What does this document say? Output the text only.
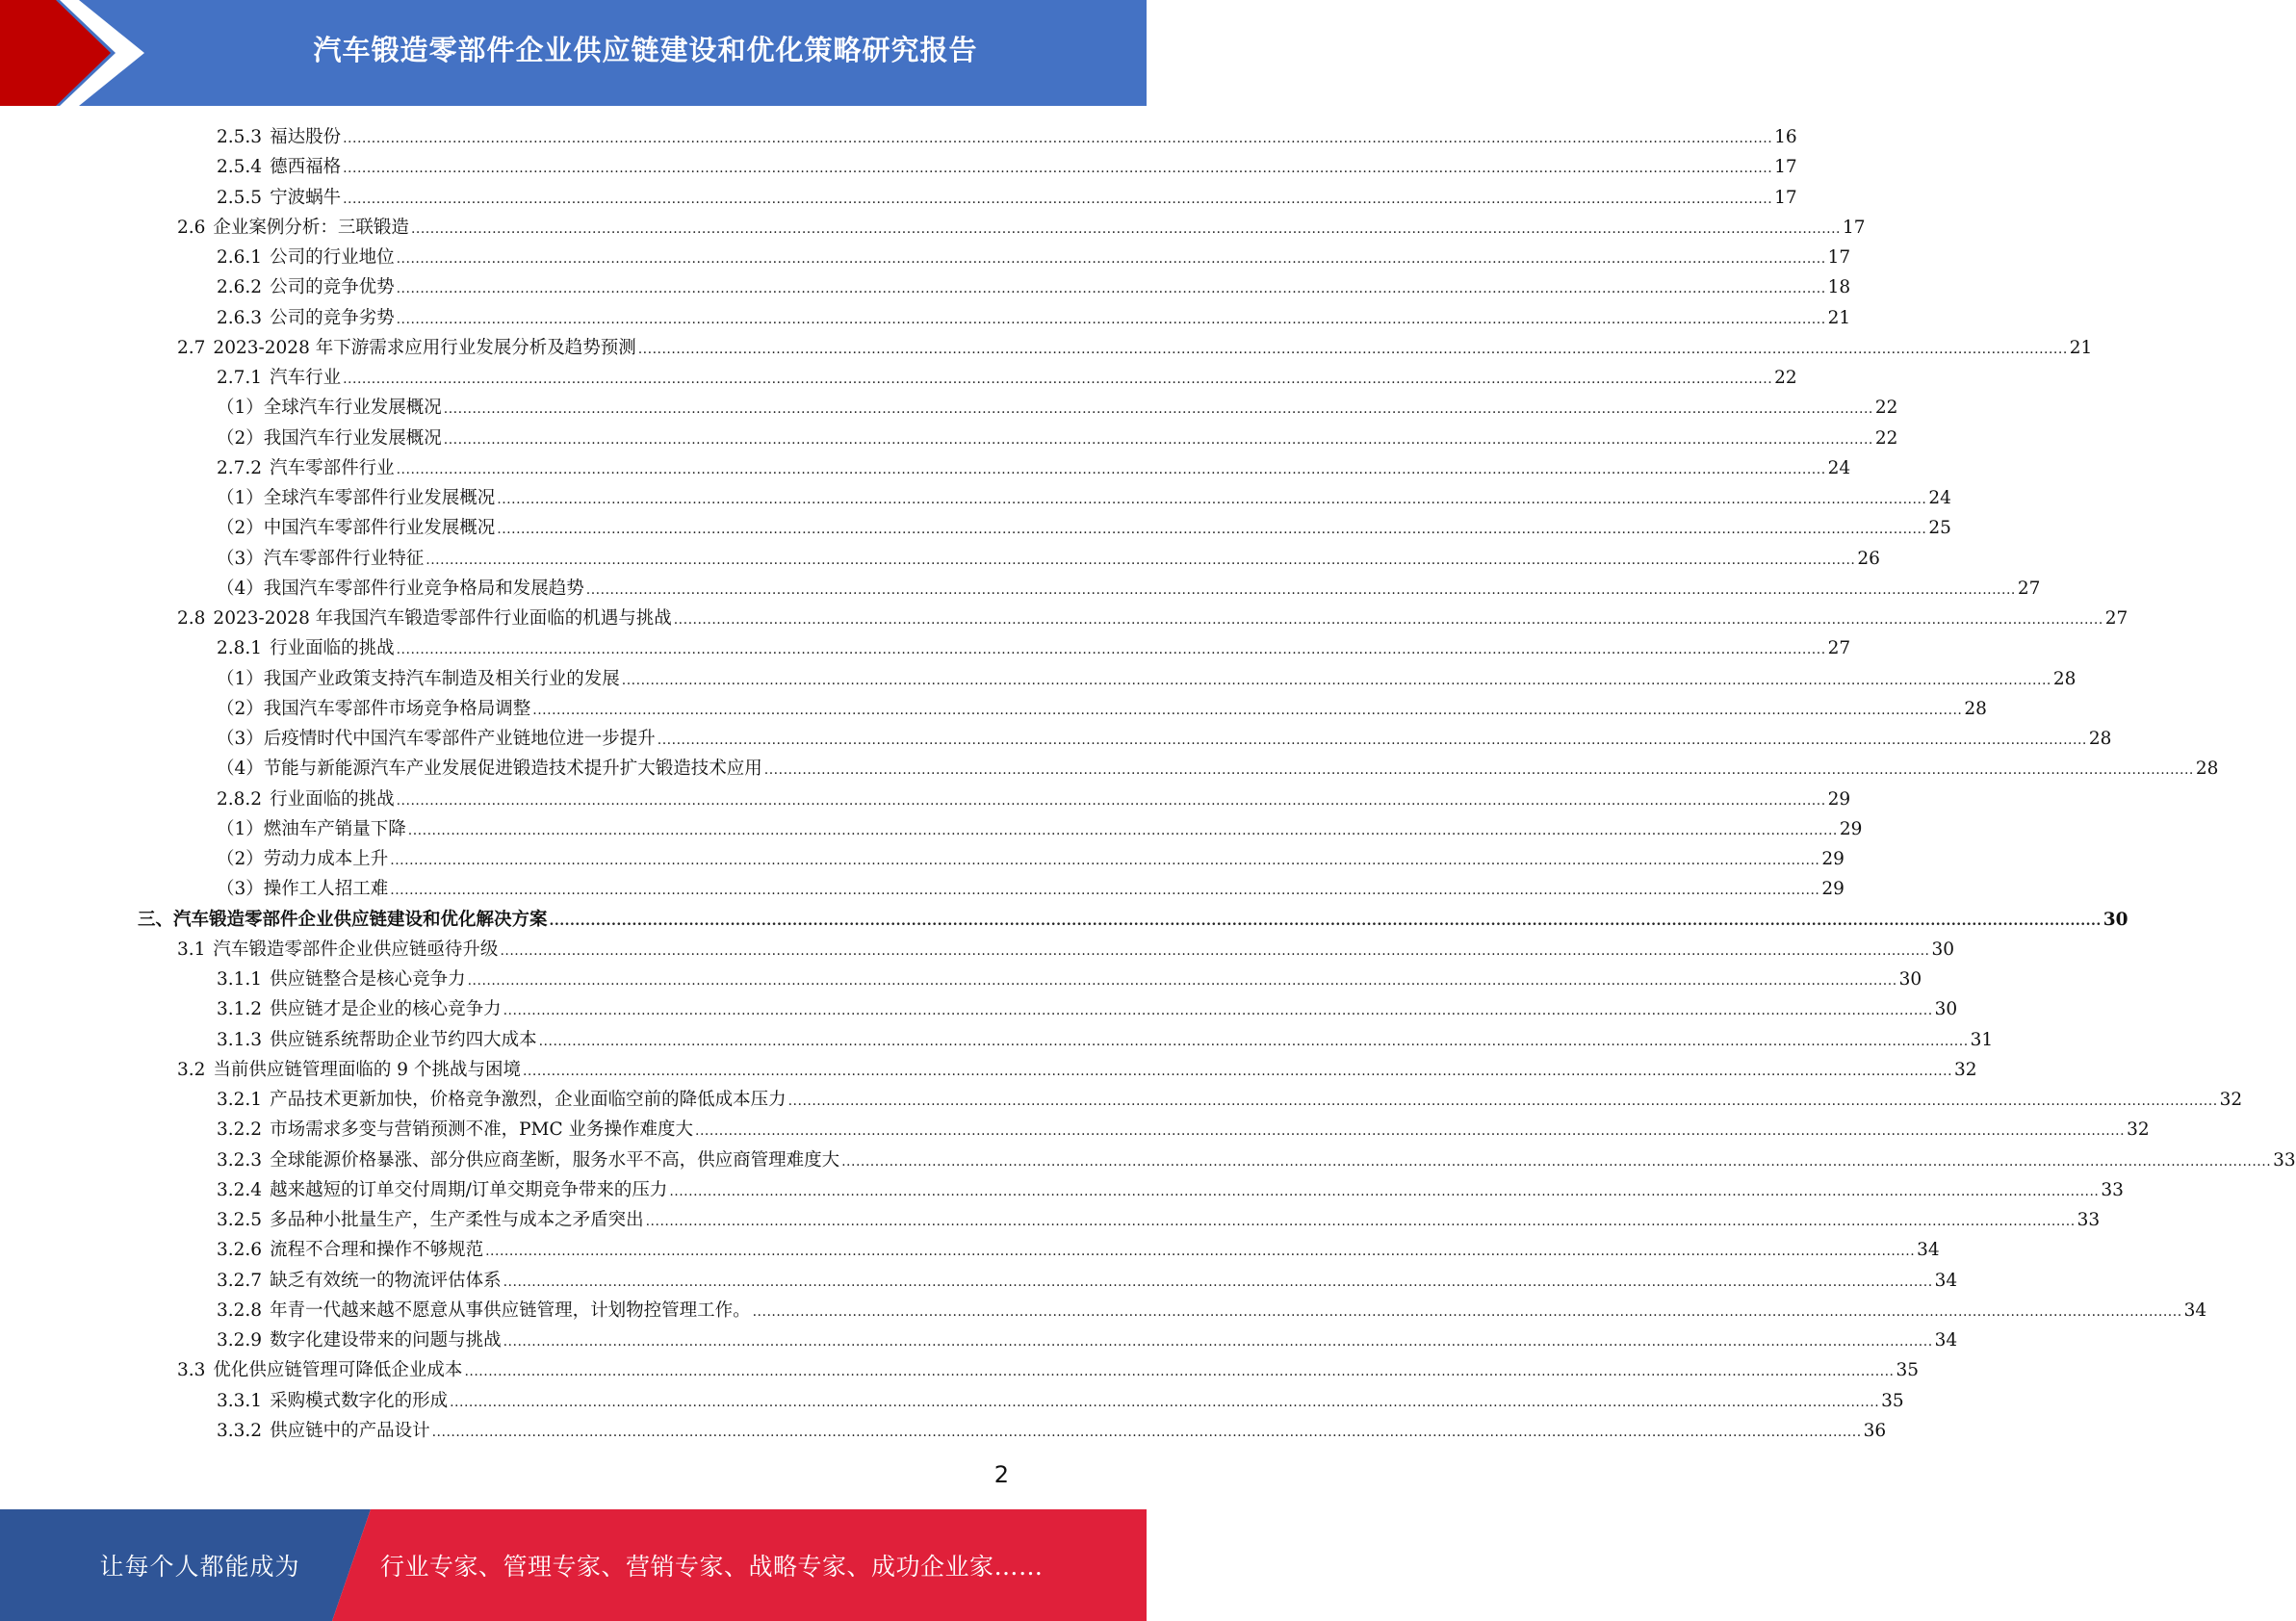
汽车锻造零部件企业供应链建设和优化策略研究报告
2.5.3 福达股份 ............................................................................................................................................................................................................................................................................................................ 16
2.5.4 德西福格 ............................................................................................................................................................................................................................................................................................................ 17
2.5.5 宁波蜗牛 ............................................................................................................................................................................................................................................................................................................ 17
2.6 企业案例分析：三联锻造 ............................................................................................................................................................................................................................................................................................................ 17
2.6.1 公司的行业地位 ............................................................................................................................................................................................................................................................................................................ 17
2.6.2 公司的竞争优势 ............................................................................................................................................................................................................................................................................................................ 18
2.6.3 公司的竞争劣势 ............................................................................................................................................................................................................................................................................................................ 21
2.7 2023-2028 年下游需求应用行业发展分析及趋势预测 ............................................................................................................................................................................................................................................................................................................ 21
2.7.1 汽车行业 ............................................................................................................................................................................................................................................................................................................ 22
（1）全球汽车行业发展概况 ............................................................................................................................................................................................................................................................................................................ 22
（2）我国汽车行业发展概况 ............................................................................................................................................................................................................................................................................................................ 22
2.7.2 汽车零部件行业 ............................................................................................................................................................................................................................................................................................................ 24
（1）全球汽车零部件行业发展概况 ............................................................................................................................................................................................................................................................................................................ 24
（2）中国汽车零部件行业发展概况 ............................................................................................................................................................................................................................................................................................................ 25
（3）汽车零部件行业特征 ............................................................................................................................................................................................................................................................................................................ 26
（4）我国汽车零部件行业竞争格局和发展趋势 ............................................................................................................................................................................................................................................................................................................ 27
2.8 2023-2028 年我国汽车锻造零部件行业面临的机遇与挑战 ............................................................................................................................................................................................................................................................................................................ 27
2.8.1 行业面临的挑战 ............................................................................................................................................................................................................................................................................................................ 27
（1）我国产业政策支持汽车制造及相关行业的发展 ............................................................................................................................................................................................................................................................................................................ 28
（2）我国汽车零部件市场竞争格局调整 ............................................................................................................................................................................................................................................................................................................ 28
（3）后疫情时代中国汽车零部件产业链地位进一步提升 ............................................................................................................................................................................................................................................................................................................ 28
（4）节能与新能源汽车产业发展促进锻造技术提升扩大锻造技术应用 ............................................................................................................................................................................................................................................................................................................ 28
2.8.2 行业面临的挑战 ............................................................................................................................................................................................................................................................................................................ 29
（1）燃油车产销量下降 ............................................................................................................................................................................................................................................................................................................ 29
（2）劳动力成本上升 ............................................................................................................................................................................................................................................................................................................ 29
（3）操作工人招工难 ............................................................................................................................................................................................................................................................................................................ 29
三、汽车锻造零部件企业供应链建设和优化解决方案 ............................................................................................................................................................................................................................................................................................................ 30
3.1 汽车锻造零部件企业供应链亟待升级 ............................................................................................................................................................................................................................................................................................................ 30
3.1.1 供应链整合是核心竞争力 ............................................................................................................................................................................................................................................................................................................ 30
3.1.2 供应链才是企业的核心竞争力 ............................................................................................................................................................................................................................................................................................................ 30
3.1.3 供应链系统帮助企业节约四大成本 ............................................................................................................................................................................................................................................................................................................ 31
3.2 当前供应链管理面临的 9 个挑战与困境 ............................................................................................................................................................................................................................................................................................................ 32
3.2.1 产品技术更新加快，价格竞争激烈，企业面临空前的降低成本压力 ............................................................................................................................................................................................................................................................................................................ 32
3.2.2 市场需求多变与营销预测不准，PMC 业务操作难度大 ............................................................................................................................................................................................................................................................................................................ 32
3.2.3 全球能源价格暴涨、部分供应商垄断，服务水平不高，供应商管理难度大 ............................................................................................................................................................................................................................................................................................................ 33
3.2.4 越来越短的订单交付周期/订单交期竞争带来的压力 ............................................................................................................................................................................................................................................................................................................ 33
3.2.5 多品种小批量生产，生产柔性与成本之矛盾突出 ............................................................................................................................................................................................................................................................................................................ 33
3.2.6 流程不合理和操作不够规范 ............................................................................................................................................................................................................................................................................................................ 34
3.2.7 缺乏有效统一的物流评估体系 ............................................................................................................................................................................................................................................................................................................ 34
3.2.8 年青一代越来越不愿意从事供应链管理，计划物控管理工作。 ............................................................................................................................................................................................................................................................................................................ 34
3.2.9 数字化建设带来的问题与挑战 ............................................................................................................................................................................................................................................................................................................ 34
3.3 优化供应链管理可降低企业成本 ............................................................................................................................................................................................................................................................................................................ 35
3.3.1 采购模式数字化的形成 ............................................................................................................................................................................................................................................................................................................ 35
3.3.2 供应链中的产品设计 ............................................................................................................................................................................................................................................................................................................ 36
2
让每个人都能成为	行业专家、管理专家、营销专家、战略专家、成功企业家……
